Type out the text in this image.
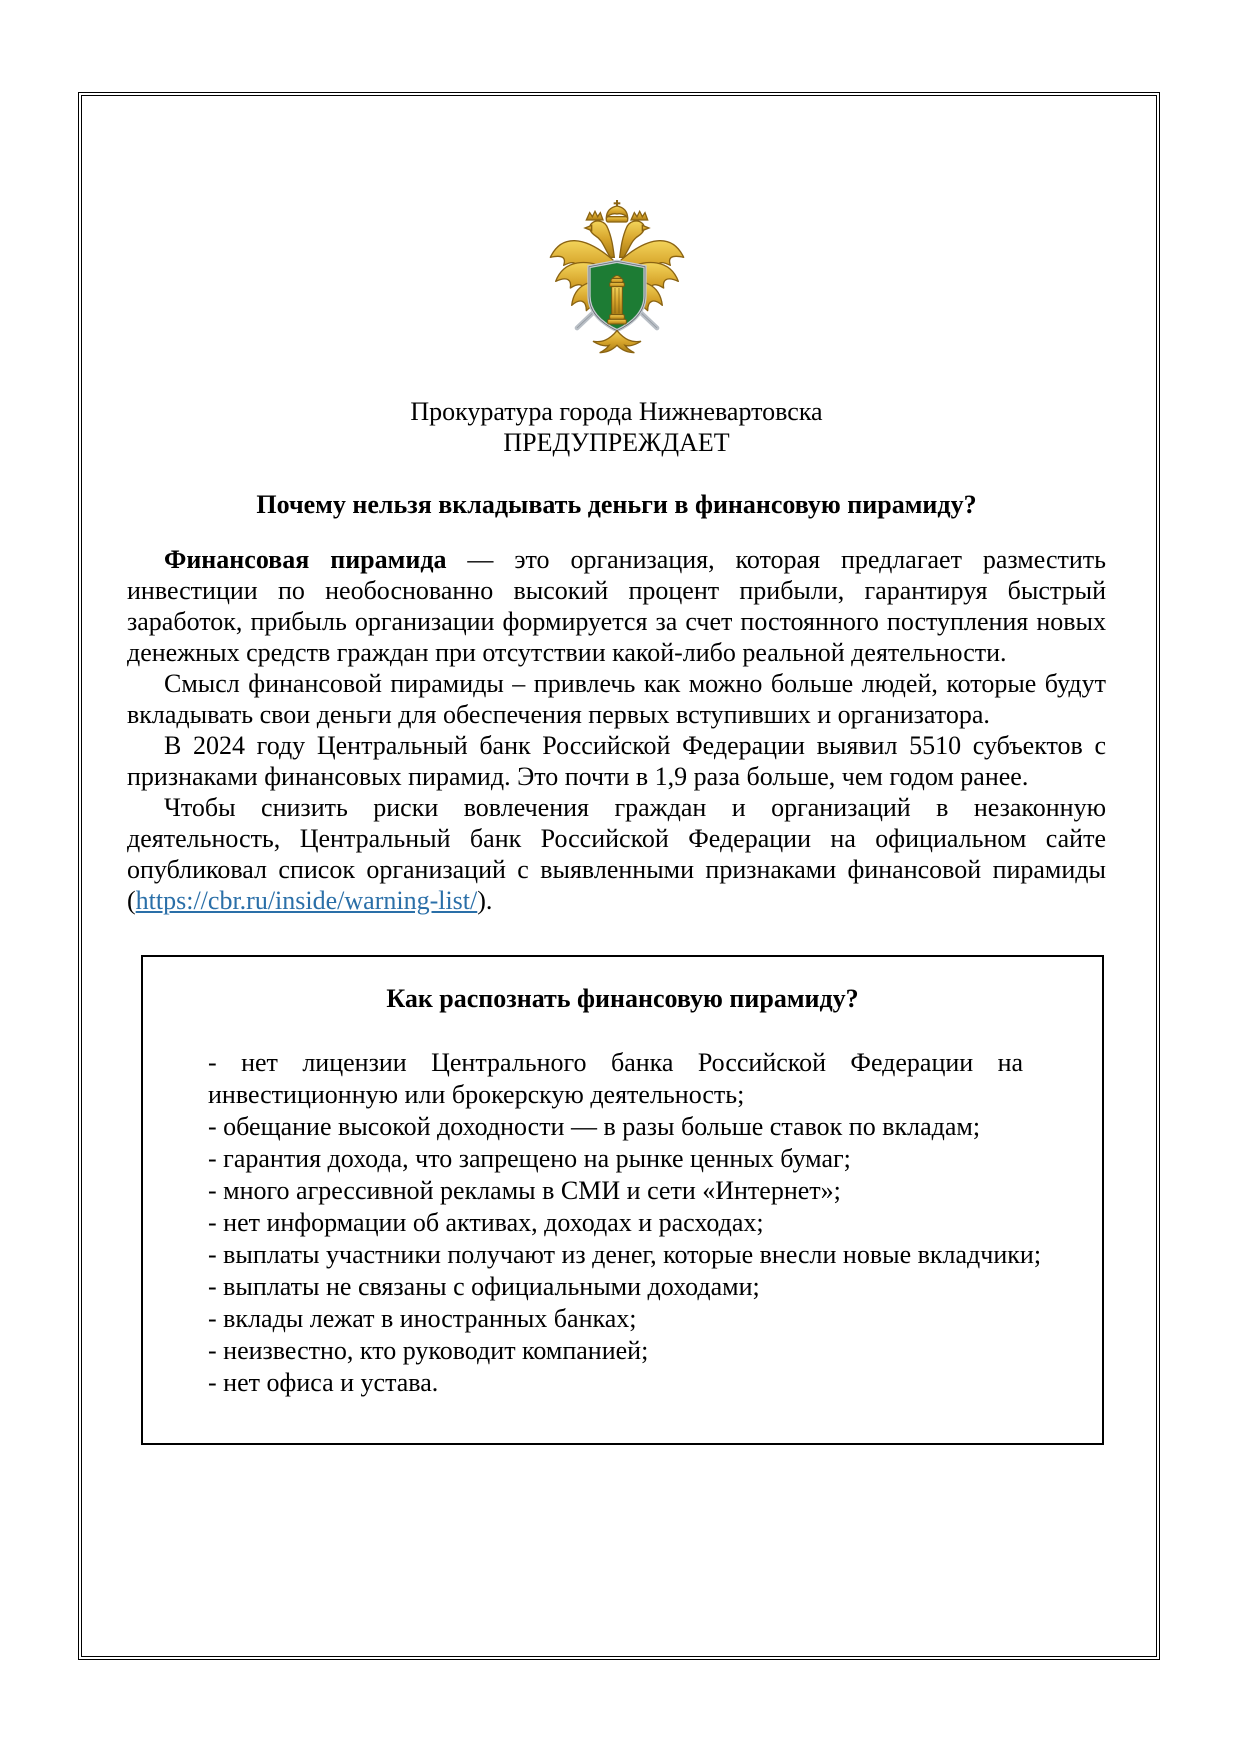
Прокуратура города Нижневартовска
ПРЕДУПРЕЖДАЕТ
Почему нельзя вкладывать деньги в финансовую пирамиду?

Финансовая пирамида — это организация, которая предлагает разместить инвестиции по необоснованно высокий процент прибыли, гарантируя быстрый заработок, прибыль организации формируется за счет постоянного поступления новых денежных средств граждан при отсутствии какой-либо реальной деятельности.

Смысл финансовой пирамиды – привлечь как можно больше людей, которые будут вкладывать свои деньги для обеспечения первых вступивших и организатора.

В 2024 году Центральный банк Российской Федерации выявил 5510 субъектов с признаками финансовых пирамид. Это почти в 1,9 раза больше, чем годом ранее.

Чтобы снизить риски вовлечения граждан и организаций в незаконную деятельность, Центральный банк Российской Федерации на официальном сайте опубликовал список организаций с выявленными признаками финансовой пирамиды (https://cbr.ru/inside/warning-list/).

Как распознать финансовую пирамиду?
- нет лицензии Центрального банка Российской Федерации на инвестиционную или брокерскую деятельность;
- обещание высокой доходности — в разы больше ставок по вкладам;
- гарантия дохода, что запрещено на рынке ценных бумаг;
- много агрессивной рекламы в СМИ и сети «Интернет»;
- нет информации об активах, доходах и расходах;
- выплаты участники получают из денег, которые внесли новые вкладчики;
- выплаты не связаны с официальными доходами;
- вклады лежат в иностранных банках;
- неизвестно, кто руководит компанией;
- нет офиса и устава.
